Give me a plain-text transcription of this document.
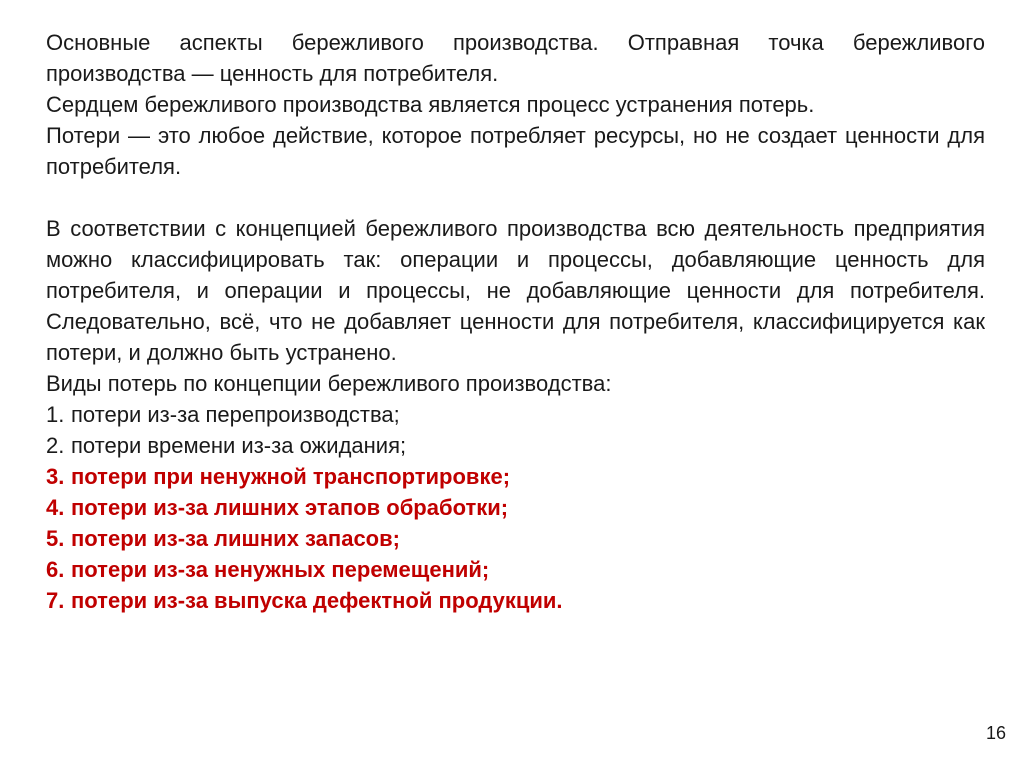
Основные аспекты бережливого производства. Отправная точка бережливого производства — ценность для потребителя.

Сердцем бережливого производства является процесс устранения потерь.

Потери — это любое действие, которое потребляет ресурсы, но не создает ценности для потребителя.

В соответствии с концепцией бережливого производства всю деятельность предприятия можно классифицировать так: операции и процессы, добавляющие ценность для потребителя, и операции и процессы, не добавляющие ценности для потребителя. Следовательно, всё, что не добавляет ценности для потребителя, классифицируется как потери, и должно быть устранено.

Виды потерь по концепции бережливого производства:

1. потери из-за перепроизводства;
2. потери времени из-за ожидания;
3. потери при ненужной транспортировке;
4. потери из-за лишних этапов обработки;
5. потери из-за лишних запасов;
6. потери из-за ненужных перемещений;
7. потери из-за выпуска дефектной продукции.
16
